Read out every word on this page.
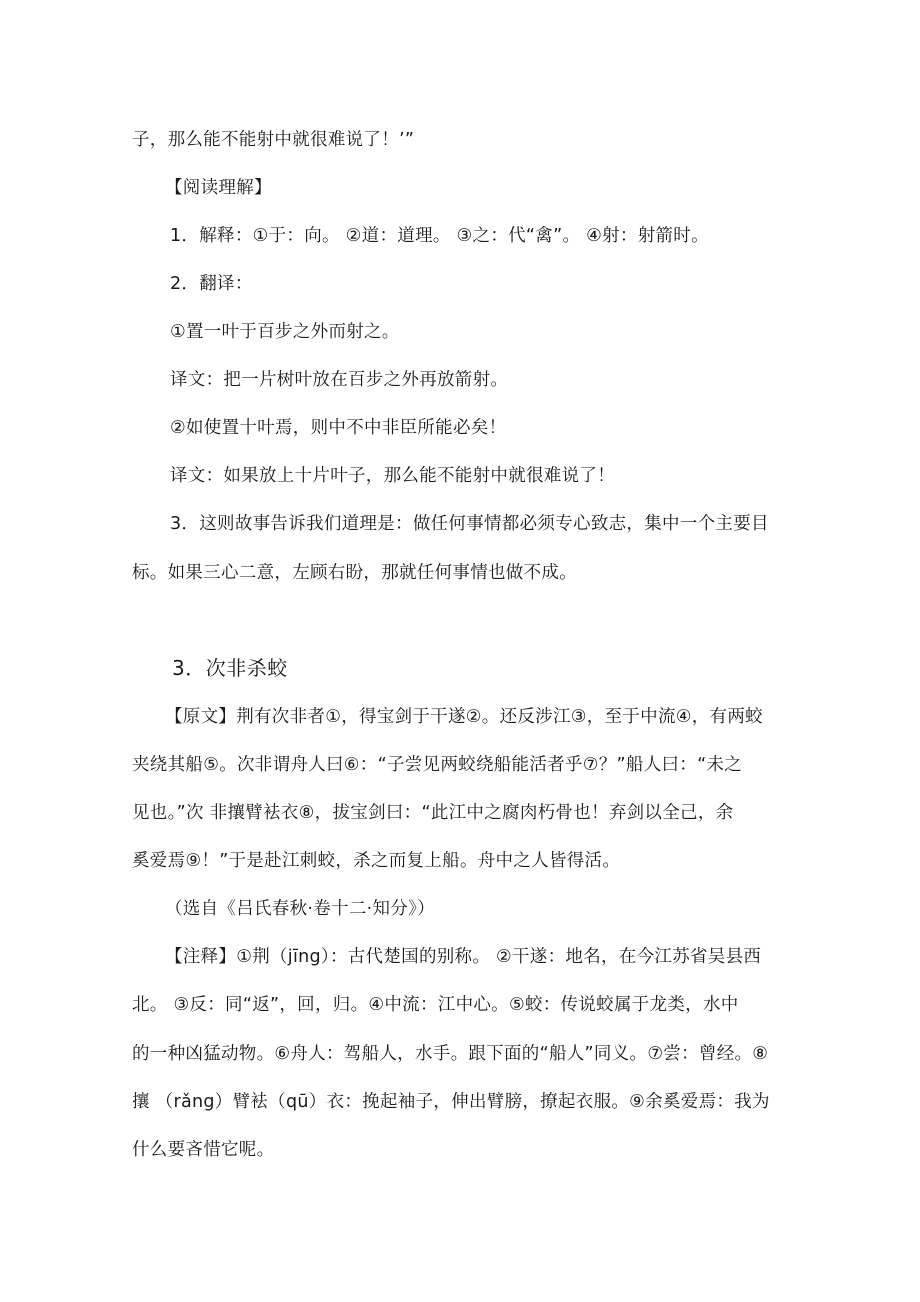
子，那么能不能射中就很难说了！’”
【阅读理解】
1．解释：①于：向。 ②道：道理。 ③之：代“禽”。 ④射：射箭时。
2．翻译：
①置一叶于百步之外而射之。
译文：把一片树叶放在百步之外再放箭射。
②如使置十叶焉，则中不中非臣所能必矣！
译文：如果放上十片叶子，那么能不能射中就很难说了！
3．这则故事告诉我们道理是：做任何事情都必须专心致志，集中一个主要目
标。如果三心二意，左顾右盼，那就任何事情也做不成。
3．次非杀蛟
【原文】荆有次非者①，得宝剑于干遂②。还反涉江③，至于中流④，有两蛟
夹绕其船⑤。次非谓舟人曰⑥：“子尝见两蛟绕船能活者乎⑦？”船人曰：“未之
见也。”次 非攘臂袪衣⑧，拔宝剑曰：“此江中之腐肉朽骨也！弃剑以全己，余
奚爱焉⑨！”于是赴江刺蛟，杀之而复上船。舟中之人皆得活。
（选自《吕氏春秋·卷十二·知分》）
【注释】①荆（jīng）：古代楚国的别称。 ②干遂：地名，在今江苏省吴县西
北。 ③反：同“返”，回，归。④中流：江中心。⑤蛟：传说蛟属于龙类，水中
的一种凶猛动物。⑥舟人：驾船人，水手。跟下面的“船人”同义。⑦尝：曾经。⑧
攘 （rǎng）臂袪（qū）衣：挽起袖子，伸出臂膀，撩起衣服。⑨余奚爱焉：我为
什么要吝惜它呢。
